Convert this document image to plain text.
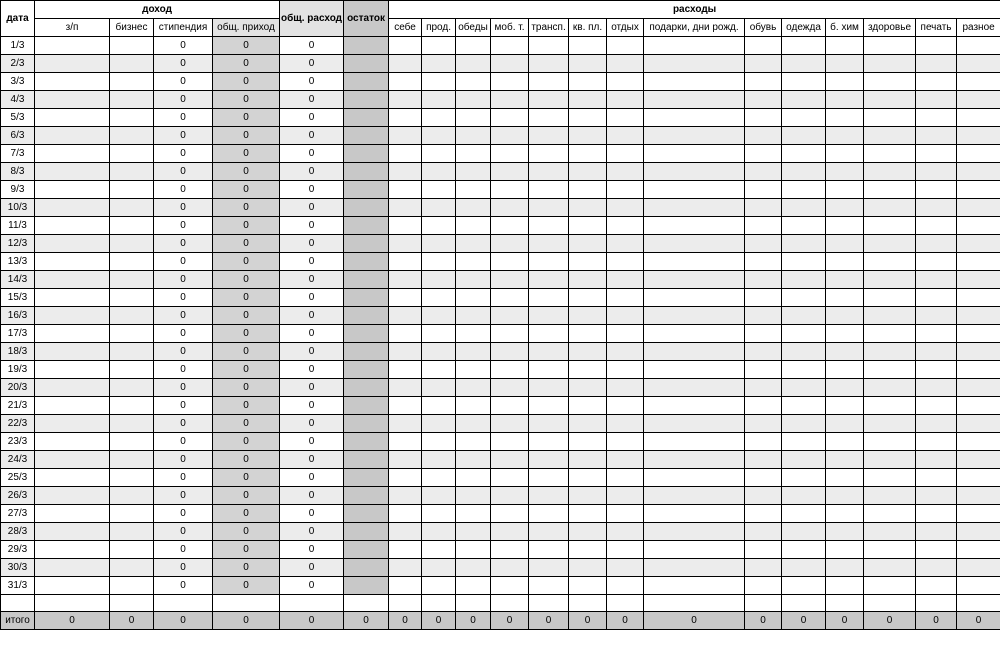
дата	доход				общ. расход	остаток	расходы													
	з/п	бизнес	стипендия	общ. приход			себе	прод.	обеды	моб. т.	трансп.	кв. пл.	отдых	подарки, дни рожд.	обувь	одежда	б. хим	здоровье	печать	разное
1/3			0	0	0															
2/3			0	0	0															
3/3			0	0	0															
4/3			0	0	0															
5/3			0	0	0															
6/3			0	0	0															
7/3			0	0	0															
8/3			0	0	0															
9/3			0	0	0															
10/3			0	0	0															
11/3			0	0	0															
12/3			0	0	0															
13/3			0	0	0															
14/3			0	0	0															
15/3			0	0	0															
16/3			0	0	0															
17/3			0	0	0															
18/3			0	0	0															
19/3			0	0	0															
20/3			0	0	0															
21/3			0	0	0															
22/3			0	0	0															
23/3			0	0	0															
24/3			0	0	0															
25/3			0	0	0															
26/3			0	0	0															
27/3			0	0	0															
28/3			0	0	0															
29/3			0	0	0															
30/3			0	0	0															
31/3			0	0	0															

итого	0	0	0	0	0	0	0	0	0	0	0	0	0	0	0	0	0	0	0	0
